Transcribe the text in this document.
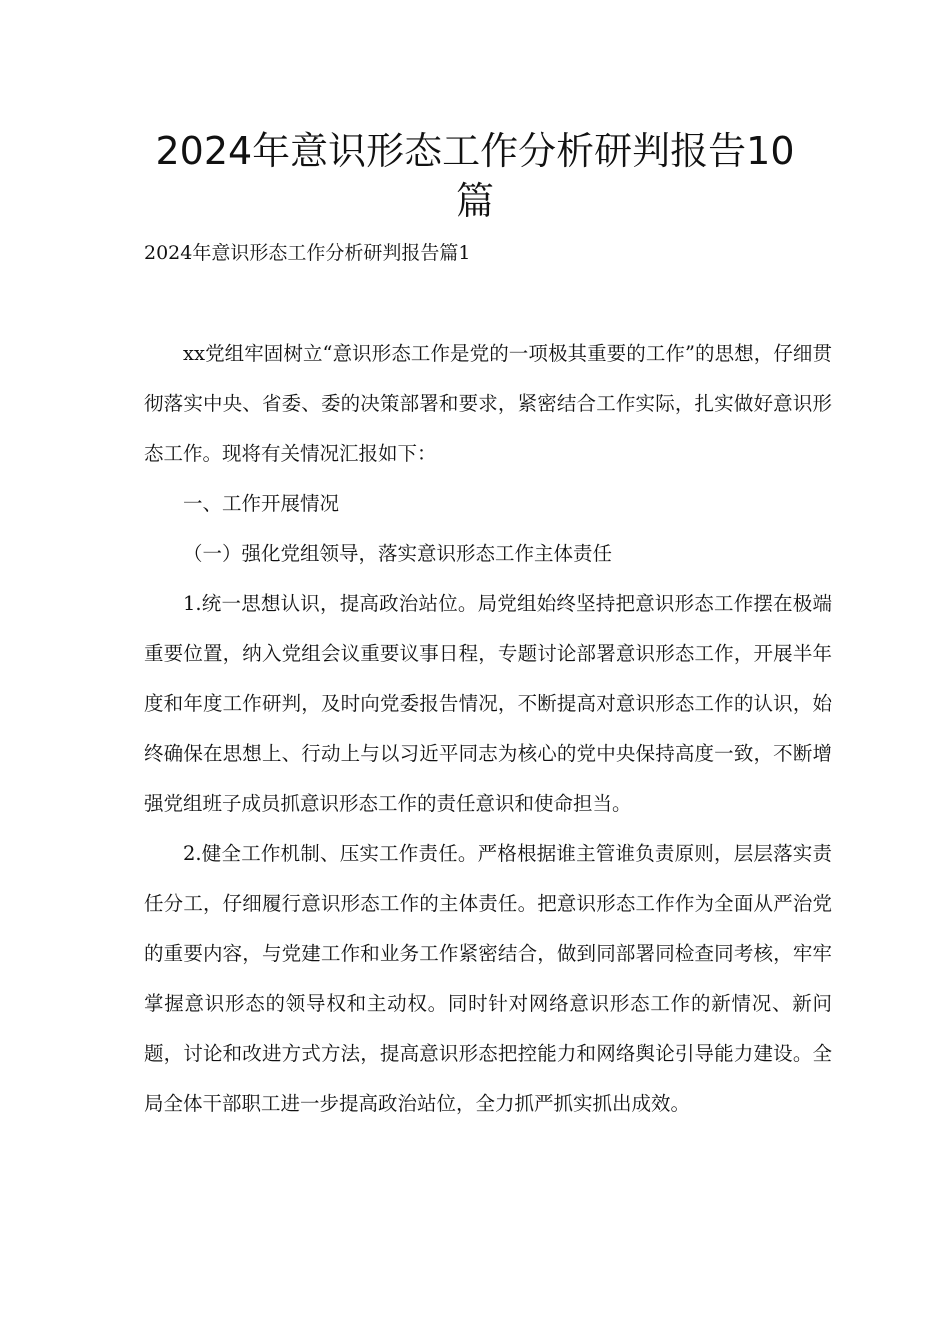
2024年意识形态工作分析研判报告10篇

2024年意识形态工作分析研判报告篇1

xx党组牢固树立“意识形态工作是党的一项极其重要的工作”的思想，仔细贯彻落实中央、省委、委的决策部署和要求，紧密结合工作实际，扎实做好意识形态工作。现将有关情况汇报如下：

一、工作开展情况

（一）强化党组领导，落实意识形态工作主体责任

1.统一思想认识，提高政治站位。局党组始终坚持把意识形态工作摆在极端重要位置，纳入党组会议重要议事日程，专题讨论部署意识形态工作，开展半年度和年度工作研判，及时向党委报告情况，不断提高对意识形态工作的认识，始终确保在思想上、行动上与以习近平同志为核心的党中央保持高度一致，不断增强党组班子成员抓意识形态工作的责任意识和使命担当。

2.健全工作机制、压实工作责任。严格根据谁主管谁负责原则，层层落实责任分工，仔细履行意识形态工作的主体责任。把意识形态工作作为全面从严治党的重要内容，与党建工作和业务工作紧密结合，做到同部署同检查同考核，牢牢掌握意识形态的领导权和主动权。同时针对网络意识形态工作的新情况、新问题，讨论和改进方式方法，提高意识形态把控能力和网络舆论引导能力建设。全局全体干部职工进一步提高政治站位，全力抓严抓实抓出成效。
